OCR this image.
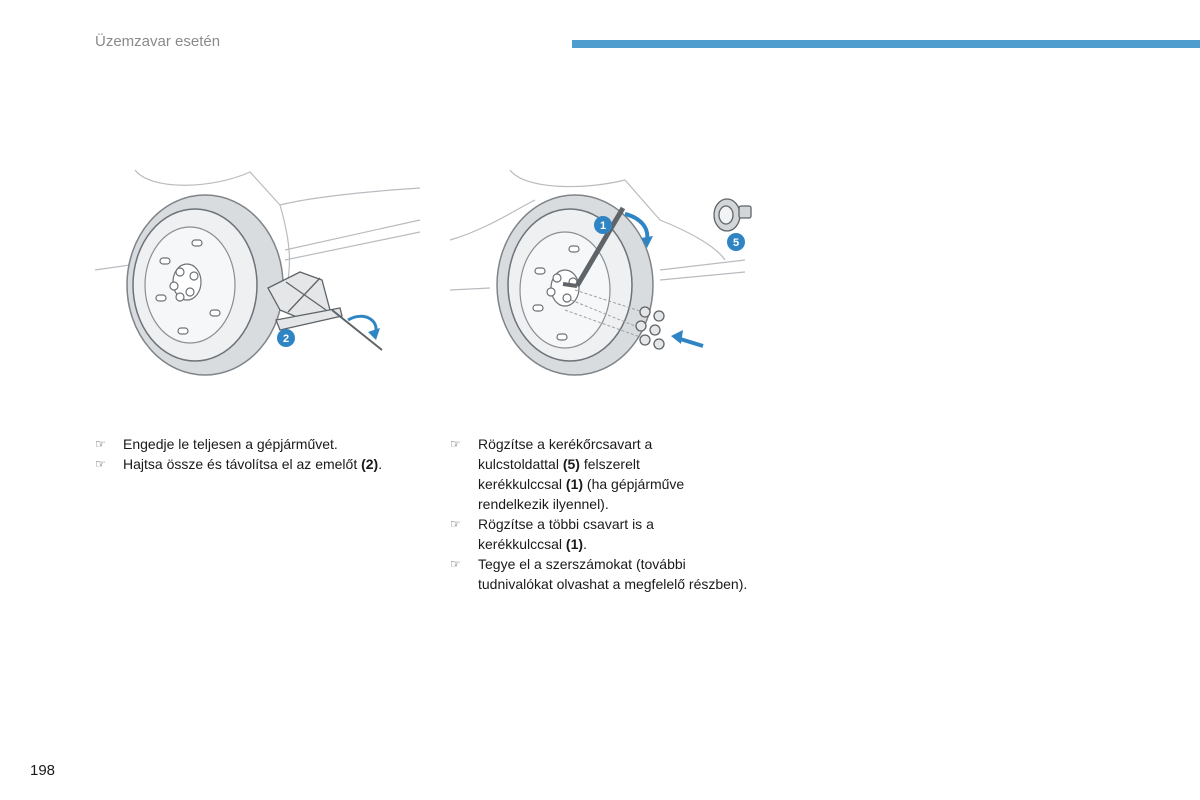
Üzemzavar esetén
2
1
5
☞ Engedje le teljesen a gépjárművet.
☞ Hajtsa össze és távolítsa el az emelőt (2).
☞ Rögzítse a kerékőrcsavart a
kulcstoldattal (5) felszerelt
kerékkulccsal (1) (ha gépjárműve
rendelkezik ilyennel).
☞ Rögzítse a többi csavart is a
kerékkulccsal (1).
☞ Tegye el a szerszámokat (további
tudnivalókat olvashat a megfelelő részben).
198
